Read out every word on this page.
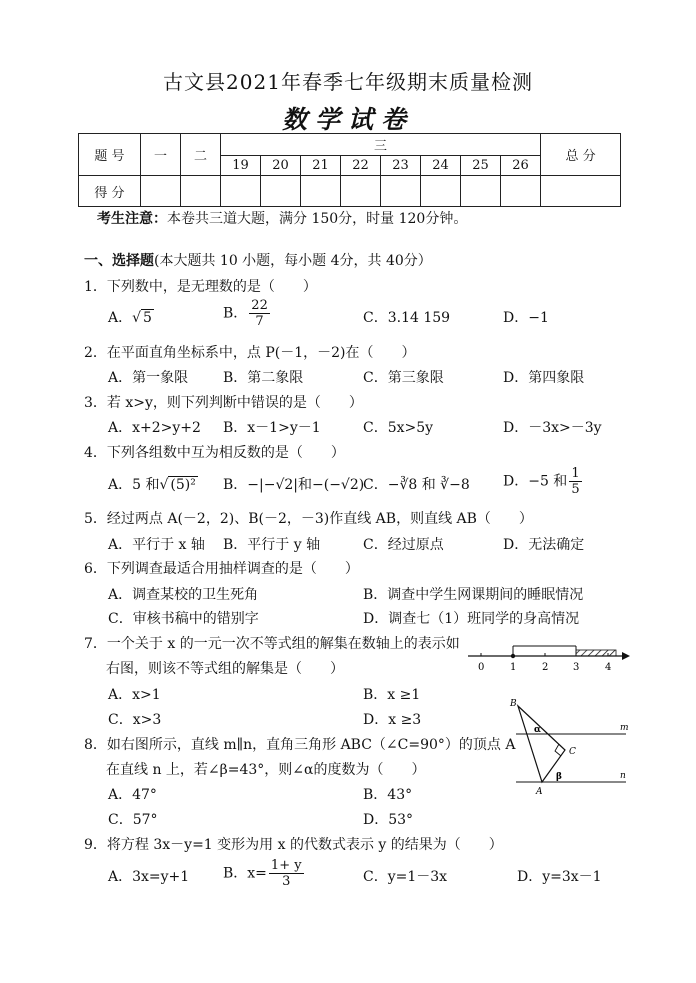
古文县2021年春季七年级期末质量检测
数学试卷
题 号	一	二	三								总 分
			19	20	21	22	23	24	25	26	
得 分											
考生注意：本卷共三道大题，满分 150分，时量 120分钟。
一、选择题(本大题共 10 小题，每小题 4分，共 40分）
1．下列数中，是无理数的是（　　）
A．√ 5	B． $\frac{22}{7}$	C．3.14 159	D．−1
2．在平面直角坐标系中，点 P(－1，－2)在（　　）
A．第一象限 B．第二象限	C．第三象限	D．第四象限
3．若 x>y，则下列判断中错误的是（　　）
A．x+2>y+2 B．x－1>y－1	C．5x>5y	D．－3x>－3y
4．下列各组数中互为相反数的是（　　）
A．5 和√ (5)² B．−|−√2|和−(−√2)
C．−∛8 和 ∛−8 D．−5 和 $\frac{1}{5}$
5．经过两点 A(－2，2)、B(－2，－3)作直线 AB，则直线 AB（　　）
A．平行于 x 轴 B．平行于 y 轴	C．经过原点	D．无法确定
6．下列调查最适合用抽样调查的是（　　）
A．调查某校的卫生死角	B．调查中学生网课期间的睡眠情况
C．审核书稿中的错别字	D．调查七（1）班同学的身高情况
7．一个关于 x 的一元一次不等式组的解集在数轴上的表示如
右图，则该不等式组的解集是（　　）
A．x>1	B．x ≥1
C．x>3	D．x ≥3
0	1	2 3	4
8．如右图所示，直线 m∥n，直角三角形 ABC（∠C=90°）的顶点 A
在直线 n 上，若∠β=43°，则∠α的度数为（　　）
A．47°	B．43°
C．57°	D．53°
B
C
A
m
n
α
β
9．将方程 3x－y=1 变形为用 x 的代数式表示 y 的结果为（　　）
A．3x=y+1 B．$x= \frac{1+ y}{3}$	C．y=1－3x	D．y=3x－1
